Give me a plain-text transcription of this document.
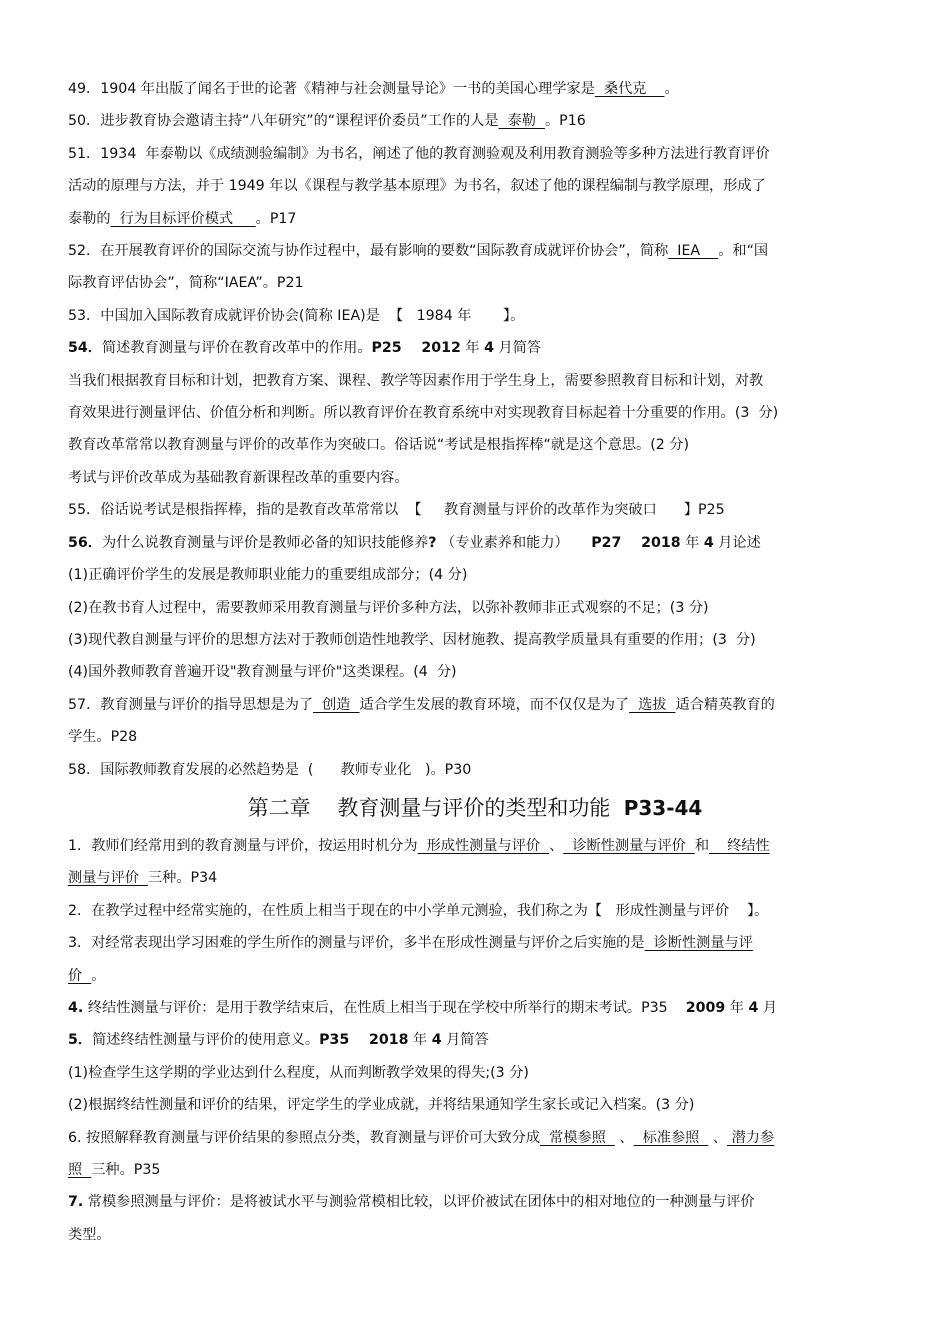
49．1904 年出版了闻名于世的论著《精神与社会测量导论》一书的美国心理学家是  桑代克    。
50．进步教育协会邀请主持“八年研究”的“课程评价委员”工作的人是  泰勒  。P16
51．1934  年泰勒以《成绩测验编制》为书名，阐述了他的教育测验观及利用教育测验等多种方法进行教育评价
活动的原理与方法，并于 1949 年以《课程与教学基本原理》为书名，叙述了他的课程编制与教学原理，形成了
泰勒的  行为目标评价模式     。P17
52．在开展教育评价的国际交流与协作过程中，最有影响的要数“国际教育成就评价协会”，简称  IEA    。和“国
际教育评估协会”，简称“IAEA”。P21
53．中国加入国际教育成就评价协会(简称 IEA)是  【   1984 年       】。
54．简述教育测量与评价在教育改革中的作用。P25    2012 年 4 月简答
当我们根据教育目标和计划，把教育方案、课程、教学等因素作用于学生身上，需要参照教育目标和计划，对教
育效果进行测量评估、价值分析和判断。所以教育评价在教育系统中对实现教育目标起着十分重要的作用。(3  分)
教育改革常常以教育测量与评价的改革作为突破口。俗话说“考试是根指挥棒“就是这个意思。(2 分)
考试与评价改革成为基础教育新课程改革的重要内容。
55．俗话说考试是根指挥棒，指的是教育改革常常以  【     教育测量与评价的改革作为突破口      】P25
56．为什么说教育测量与评价是教师必备的知识技能修养? （专业素养和能力）     P27    2018 年 4 月论述
(1)正确评价学生的发展是教师职业能力的重要组成部分；(4 分)
(2)在教书育人过程中，需要教师采用教育测量与评价多种方法，以弥补教师非正式观察的不足；(3 分)
(3)现代教自测量与评价的思想方法对于教师创造性地教学、因材施教、提高教学质量具有重要的作用；(3  分)
(4)国外教师教育普遍开设"教育测量与评价"这类课程。(4  分)
57．教育测量与评价的指导思想是为了  创造  适合学生发展的教育环境，而不仅仅是为了  选拔  适合精英教育的
学生。P28
58．国际教师教育发展的必然趋势是  (      教师专业化   )。P30
第二章    教育测量与评价的类型和功能  P33-44
1．教师们经常用到的教育测量与评价，按运用时机分为  形成性测量与评价  、  诊断性测量与评价  和    终结性
测量与评价  三种。P34
2．在教学过程中经常实施的，在性质上相当于现在的中小学单元测验，我们称之为【   形成性测量与评价    】。
3．对经常表现出学习困难的学生所作的测量与评价，多半在形成性测量与评价之后实施的是  诊断性测量与评
价  。
4. 终结性测量与评价：是用于教学结束后，在性质上相当于现在学校中所举行的期末考试。P35    2009 年 4 月
5．简述终结性测量与评价的使用意义。P35    2018 年 4 月简答
(1)检查学生这学期的学业达到什么程度，从而判断教学效果的得失;(3 分)
(2)根据终结性测量和评价的结果，评定学生的学业成就，并将结果通知学生家长或记入档案。(3 分)
6. 按照解释教育测量与评价结果的参照点分类，教育测量与评价可大致分成  常模参照   、  标准参照   、 潜力参
照  三种。P35
7. 常模参照测量与评价：是将被试水平与测验常模相比较，以评价被试在团体中的相对地位的一种测量与评价
类型。
